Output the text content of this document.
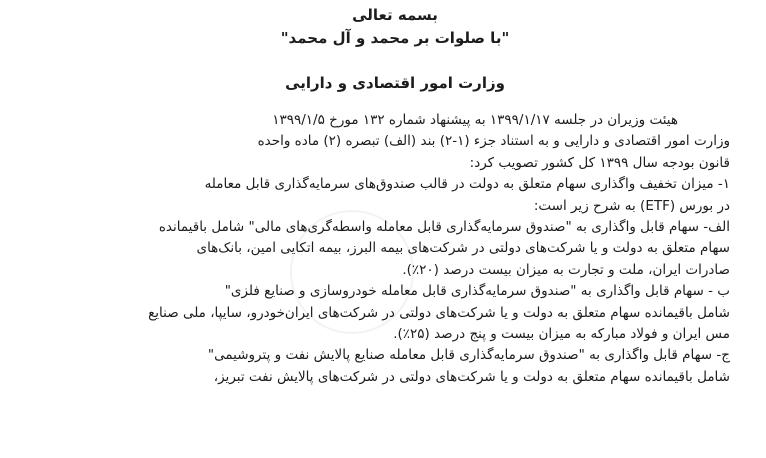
بسمه تعالی
"با صلوات بر محمد و آل محمد"
وزارت امور اقتصادی و دارایی
هیئت وزیران در جلسه ۱۳۹۹/۱/۱۷ به پیشنهاد شماره ۱۳۲ مورخ ۱۳۹۹/۱/۵
وزارت امور اقتصادی و دارایی و به استناد جزء (۱-۲) بند (الف) تبصره (۲) ماده واحده
قانون بودجه سال ۱۳۹۹ کل کشور تصویب کرد:
۱- میزان تخفیف واگذاری سهام متعلق به دولت در قالب صندوق‌های سرمایه‌گذاری قابل معامله
در بورس (ETF) به شرح زیر است:
الف- سهام قابل واگذاری به "صندوق سرمایه‌گذاری قابل معامله واسطه‌گری‌های مالی" شامل باقیمانده
سهام متعلق به دولت و یا شرکت‌های دولتی در شرکت‌های بیمه البرز، بیمه اتکایی امین، بانک‌های
صادرات ایران، ملت و تجارت به میزان بیست درصد (۲۰٪).
ب - سهام قابل واگذاری به "صندوق سرمایه‌گذاری قابل معامله خودروسازی و صنایع فلزی"
شامل باقیمانده سهام متعلق به دولت و یا شرکت‌های دولتی در شرکت‌های ایران‌خودرو، سایپا، ملی صنایع
مس ایران و فولاد مبارکه به میزان بیست و پنج درصد (۲۵٪).
ج- سهام قابل واگذاری به "صندوق سرمایه‌گذاری قابل معامله صنایع پالایش نفت و پتروشیمی"
شامل باقیمانده سهام متعلق به دولت و یا شرکت‌های دولتی در شرکت‌های پالایش نفت تبریز،
